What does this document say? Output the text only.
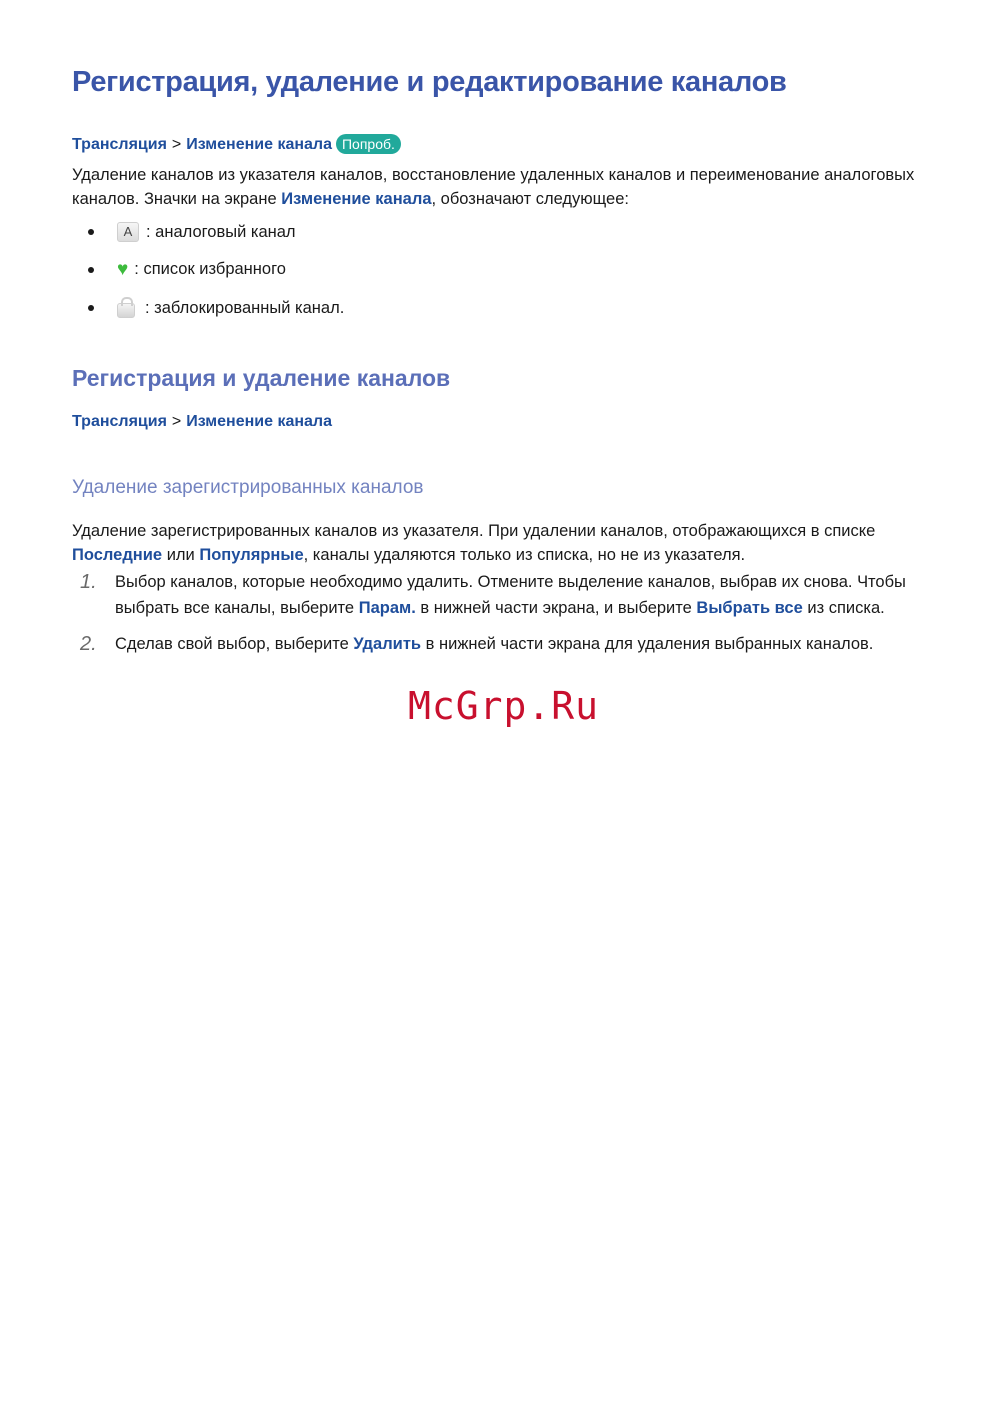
Регистрация, удаление и редактирование каналов
Трансляция > Изменение канала Попроб.
Удаление каналов из указателя каналов, восстановление удаленных каналов и переименование аналоговых каналов. Значки на экране Изменение канала, обозначают следующее:
A : аналоговый канал
♥ : список избранного
: заблокированный канал.
Регистрация и удаление каналов
Трансляция > Изменение канала
Удаление зарегистрированных каналов
Удаление зарегистрированных каналов из указателя. При удалении каналов, отображающихся в списке Последние или Популярные, каналы удаляются только из списка, но не из указателя.
1. Выбор каналов, которые необходимо удалить. Отмените выделение каналов, выбрав их снова. Чтобы выбрать все каналы, выберите Парам. в нижней части экрана, и выберите Выбрать все из списка.
2. Сделав свой выбор, выберите Удалить в нижней части экрана для удаления выбранных каналов.
McGrp.Ru
